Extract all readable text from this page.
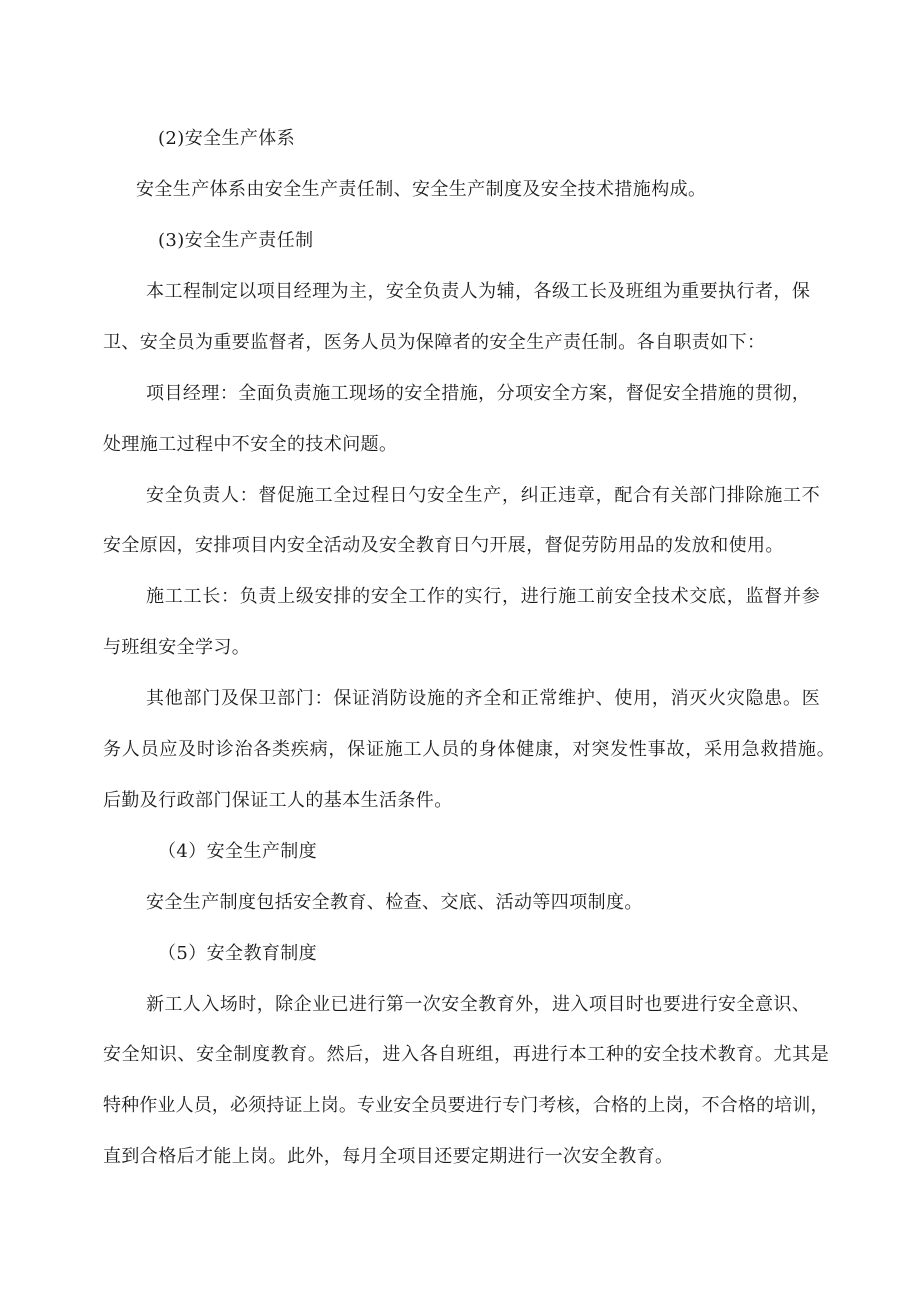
(2)安全生产体系
安全生产体系由安全生产责任制、安全生产制度及安全技术措施构成。
(3)安全生产责任制
本 工 程 制 定 以 项 目 经 理 为 主 ， 安 全 负 责 人 为 辅 ， 各 级 工 长 及 班 组 为 重 要 执 行 者 ， 保
卫、安全员为重要监督者，医务人员为保障者的安全生产责任制。各自职责如下：
项 目 经 理 ： 全 面 负 责 施 工 现 场 的 安 全 措 施 ， 分 项 安 全 方 案 ， 督 促 安 全 措 施 的 贯 彻 ，
处理施工过程中不安全的技术问题。
安 全 负 责 人 ： 督 促 施 工 全 过 程 日 勺 安 全 生 产 ， 纠 正 违 章 ， 配 合 有 关 部 门 排 除 施 工 不
安全原因，安排项目内安全活动及安全教育日勺开展，督促劳防用品的发放和使用。
施 工 工 长 ： 负 责 上 级 安 排 的 安 全 工 作 的 实 行 ， 进 行 施 工 前 安 全 技 术 交 底 ， 监 督 并 参
与班组安全学习。
其 他 部 门 及 保 卫 部 门 ： 保 证 消 防 设 施 的 齐 全 和 正 常 维 护 、 使 用 ， 消 灭 火 灾 隐 患 。 医
务 人 员 应 及 时 诊 治 各 类 疾 病 ， 保 证 施 工 人 员 的 身 体 健 康 ， 对 突 发 性 事 故 ， 采 用 急 救 措 施 。
后勤及行政部门保证工人的基本生活条件。
（4）安全生产制度
安全生产制度包括安全教育、检查、交底、活动等四项制度。
（5）安全教育制度
新 工 人 入 场 时 ， 除 企 业 已 进 行 第 一 次 安 全 教 育 外 ， 进 入 项 目 时 也 要 进 行 安 全 意 识 、
安 全 知 识 、 安 全 制 度 教 育 。 然 后 ， 进 入 各 自 班 组 ， 再 进 行 本 工 种 的 安 全 技 术 教 育 。 尤 其 是
特 种 作 业 人 员 ， 必 须 持 证 上 岗 。 专 业 安 全 员 要 进 行 专 门 考 核 ， 合 格 的 上 岗 ， 不 合 格 的 培 训 ，
直到合格后才能上岗。此外，每月全项目还要定期进行一次安全教育。
